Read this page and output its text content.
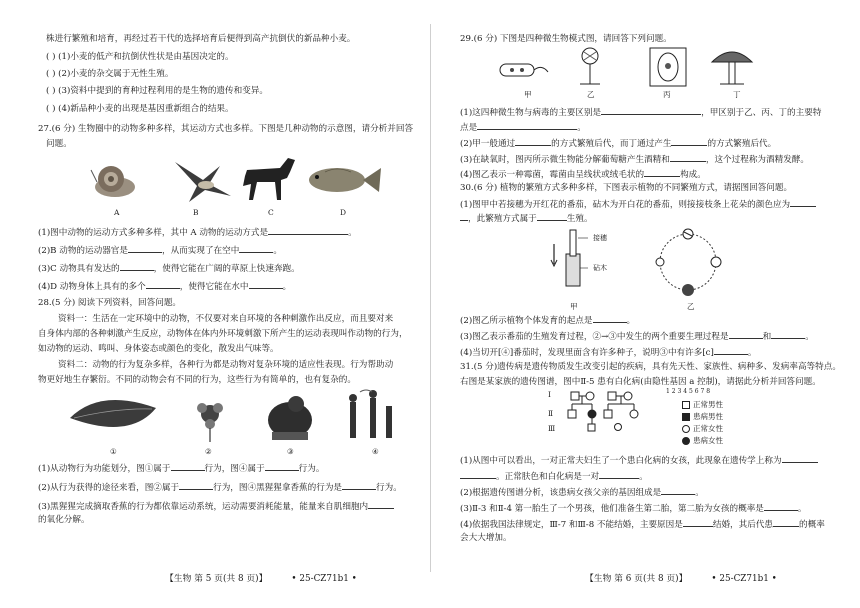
株进行繁殖和培育，再经过若干代的选择培育后便得到高产抗倒伏的新品种小麦。
( ) (1)小麦的低产和抗倒伏性状是由基因决定的。
( ) (2)小麦的杂交属于无性生殖。
( ) (3)资料中提到的育种过程利用的是生物的遗传和变异。
( ) (4)新品种小麦的出现是基因重新组合的结果。
27.(6 分) 生物圈中的动物多种多样，其运动方式也多样。下图是几种动物的示意图，请分析并回答
问题。
A	B	C	D
(1)图中动物的运动方式多种多样，其中 A 动物的运动方式是	。
(2)B 动物的运动器官是	，从而实现了在空中	。
(3)C 动物具有发达的	，使得它能在广阔的草原上快速奔跑。
(4)D 动物身体上具有的多个	，使得它能在水中	。
28.(5 分) 阅读下列资料，回答问题。
资料一：生活在一定环境中的动物，不仅要对来自环境的各种刺激作出反应，而且要对来
自身体内部的各种刺激产生反应，动物体在体内外环境刺激下所产生的运动表现叫作动物的行为，
如动物的运动、鸣叫、身体姿态或颜色的变化，散发出气味等。
资料二：动物的行为复杂多样，各种行为都是动物对复杂环境的适应性表现。行为帮助动
物更好地生存繁衍。不同的动物会有不同的行为，这些行为有简单的，也有复杂的。
①	②	③	④
(1)从动物行为功能划分，图①属于	行为，图④属于	行为。
(2)从行为获得的途径来看，图②属于	行为，图④黑猩猩拿香蕉的行为是	行为。
(3)黑猩猩完成摘取香蕉的行为都依靠运动系统，运动需要消耗能量，能量来自肌细胞内
的氧化分解。
【生物 第 5 页(共 8 页)】	• 25-CZ71b1 •
29.(6 分) 下图是四种微生物模式图，请回答下列问题。
甲	乙	丙	丁
(1)这四种微生物与病毒的主要区别是	，甲区别于乙、丙、丁的主要特
点是	。
(2)甲一般通过	的方式繁殖后代，而丁通过产生	的方式繁殖后代。
(3)在缺氧时，图丙所示微生物能分解葡萄糖产生酒精和	，这个过程称为酒精发酵。
(4)图乙表示一种霉菌，霉菌由呈线状或绒毛状的	构成。
30.(6 分) 植物的繁殖方式多种多样，下图表示植物的不同繁殖方式，请据图回答问题。
(1)图甲中若接穗为开红花的番茄，砧木为开白花的番茄，则接接枝条上花朵的颜色应为
，此繁殖方式属于	生殖。
接穗
砧木
甲	乙
(2)图乙所示植物个体发育的起点是	。
(3)图乙表示番茄的生殖发育过程，②→③中发生的两个重要生理过程是	和	。
(4)当切开[④]番茄时，发现里面含有许多种子，说明③中有许多[c]	。
31.(5 分)遗传病是遗传物质发生改变引起的疾病，具有先天性、家族性、病种多、发病率高等特点。
右图是某家族的遗传图谱，图中Ⅱ-5 患有白化病(由隐性基因 a 控制)，请据此分析并回答问题。
Ⅰ
Ⅱ
Ⅲ
1 2 3 4 5 6 7 8
正常男性
患病男性
正常女性
患病女性
(1)从图中可以看出，一对正常夫妇生了一个患白化病的女孩，此现象在遗传学上称为
。正常肤色和白化病是一对	。
(2)根据遗传图谱分析，该患病女孩父亲的基因组成是	。
(3)Ⅱ-3 和Ⅱ-4 第一胎生了一个男孩，他们准备生第二胎，第二胎为女孩的概率是	。
(4)依据我国法律规定，Ⅲ-7 和Ⅲ-8 不能结婚，主要原因是	结婚，其后代患	的概率
会大大增加。
【生物 第 6 页(共 8 页)】	• 25-CZ71b1 •
